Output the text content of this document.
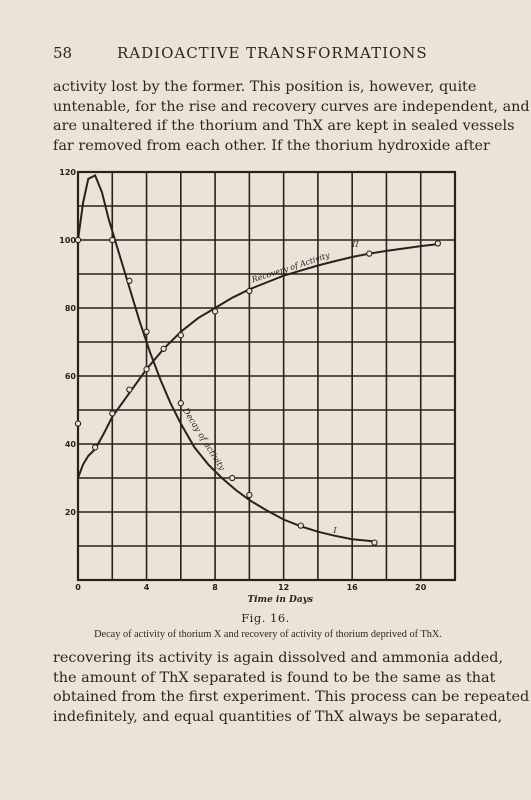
58	RADIOACTIVE TRANSFORMATIONS
activity lost by the former. This position is, however, quite
untenable, for the rise and recovery curves are independent, and
are unaltered if the thorium and ThX are kept in sealed vessels
far removed from each other. If the thorium hydroxide after
0	4	8	12	16	20
20
40
60
80
100
120
Time in Days
Decay of activity
Recovery of Activity
I
II
Fig. 16.
Decay of activity of thorium X and recovery of activity of thorium deprived of ThX.
recovering its activity is again dissolved and ammonia added,
the amount of ThX separated is found to be the same as that
obtained from the first experiment. This process can be repeated
indefinitely, and equal quantities of ThX always be separated,
